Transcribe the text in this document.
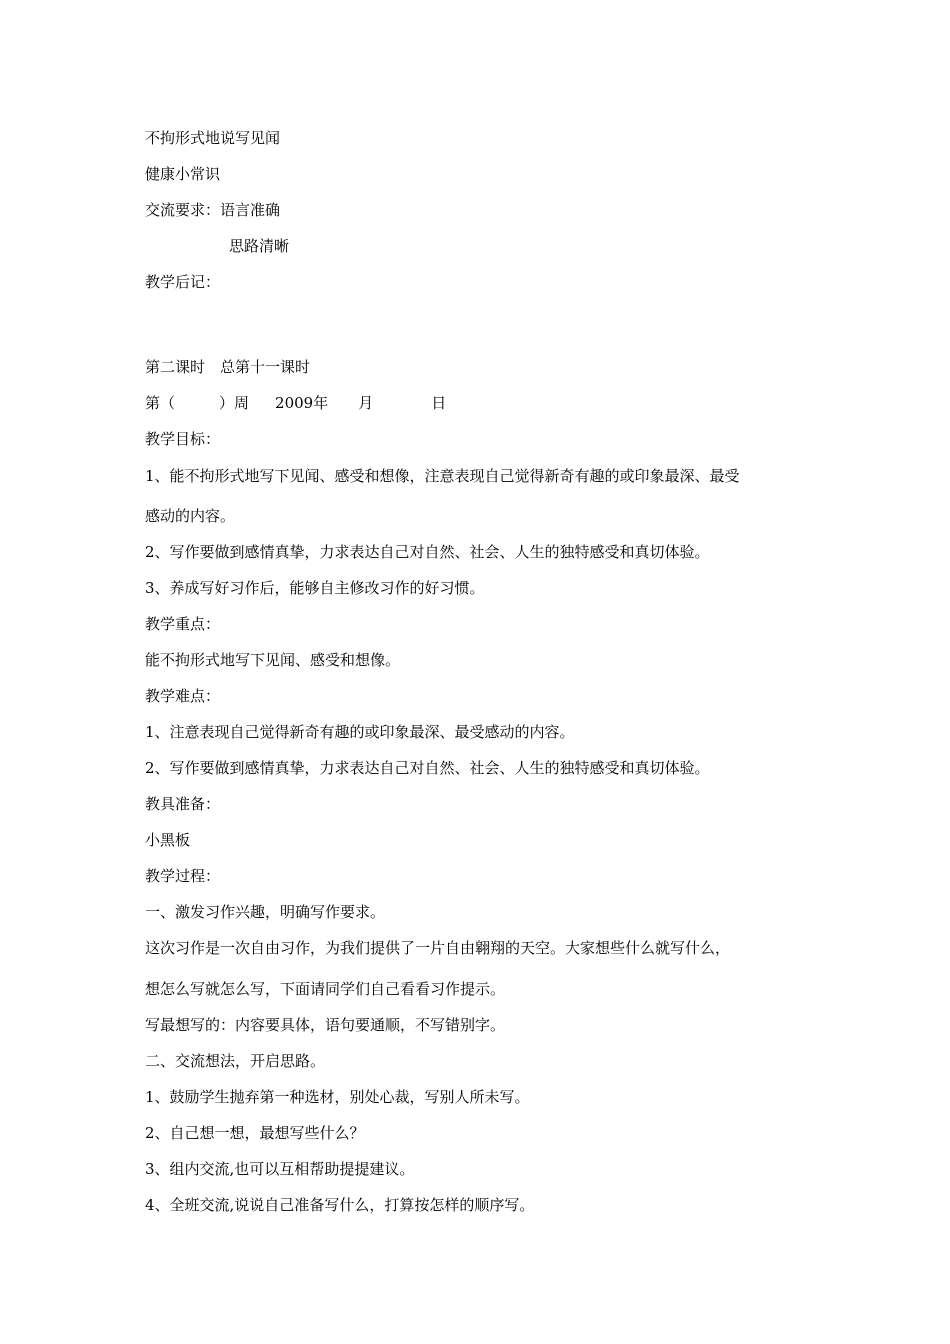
不拘形式地说写见闻
健康小常识
交流要求：语言准确
思路清晰
教学后记：
第二课时　总第十一课时
第（	）周 2009年 月	日
教学目标：
1、能不拘形式地写下见闻、感受和想像，注意表现自己觉得新奇有趣的或印象最深、最受
感动的内容。
2、写作要做到感情真挚，力求表达自己对自然、社会、人生的独特感受和真切体验。
3、养成写好习作后，能够自主修改习作的好习惯。
教学重点：
能不拘形式地写下见闻、感受和想像。
教学难点：
1、注意表现自己觉得新奇有趣的或印象最深、最受感动的内容。
2、写作要做到感情真挚，力求表达自己对自然、社会、人生的独特感受和真切体验。
教具准备：
小黑板
教学过程：
一、激发习作兴趣，明确写作要求。
这次习作是一次自由习作，为我们提供了一片自由翱翔的天空。大家想些什么就写什么，
想怎么写就怎么写，下面请同学们自己看看习作提示。
写最想写的：内容要具体，语句要通顺，不写错别字。
二、交流想法，开启思路。
1、鼓励学生抛弃第一种选材，别处心裁，写别人所未写。
2、自己想一想，最想写些什么？
3、组内交流,也可以互相帮助提提建议。
4、全班交流,说说自己准备写什么，打算按怎样的顺序写。
